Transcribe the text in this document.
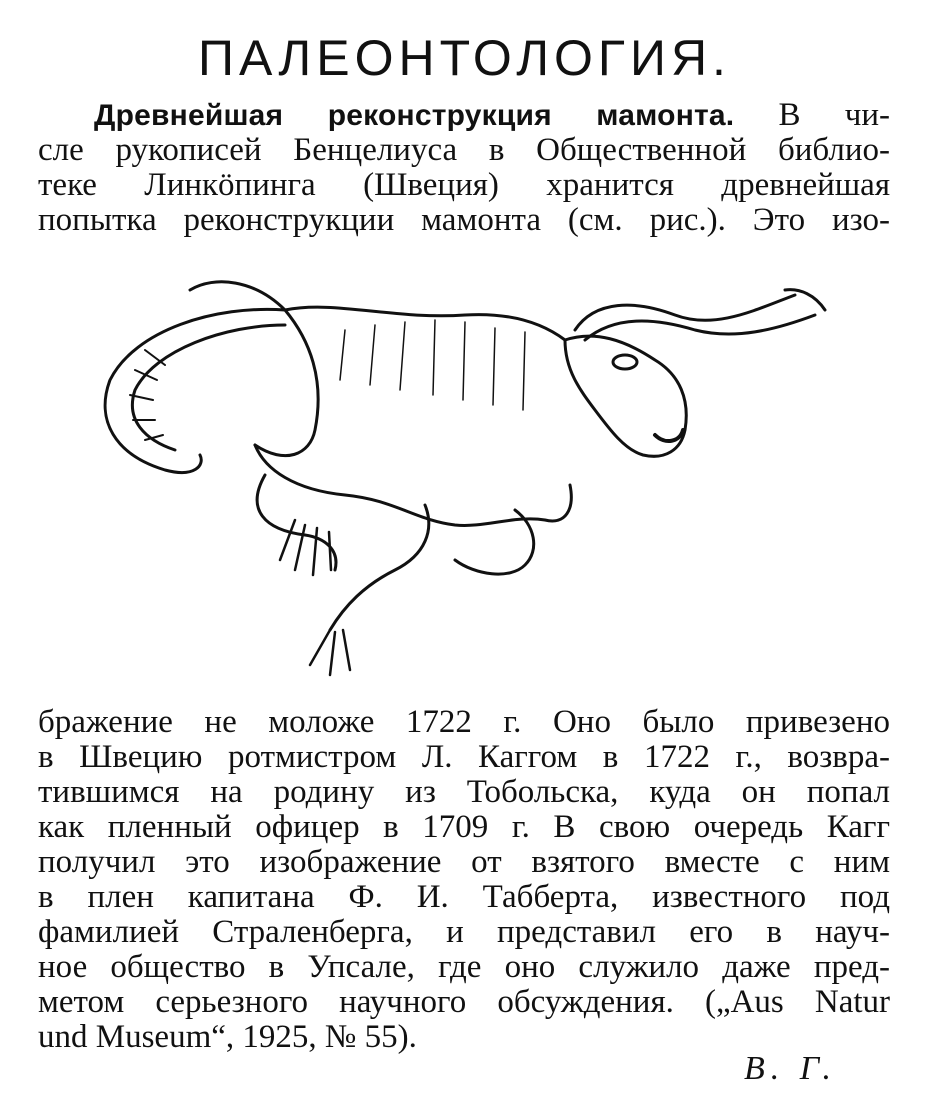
ПАЛЕОНТОЛОГИЯ.
Древнейшая реконструкция мамонта. В чи-
сле рукописей Бенцелиуса в Общественной библио-
теке Линкöпинга (Швеция) хранится древнейшая
попытка реконструкции мамонта (см. рис.). Это изо-
бражение не моложе 1722 г. Оно было привезено
в Швецию ротмистром Л. Каггом в 1722 г., возвра-
тившимся на родину из Тобольска, куда он попал
как пленный офицер в 1709 г. В свою очередь Кагг
получил это изображение от взятого вместе с ним
в плен капитана Ф. И. Табберта, известного под
фамилией Страленберга, и представил его в науч-
ное общество в Упсале, где оно служило даже пред-
метом серьезного научного обсуждения. („Aus Natur
und Museum“, 1925, № 55).
В. Г.
